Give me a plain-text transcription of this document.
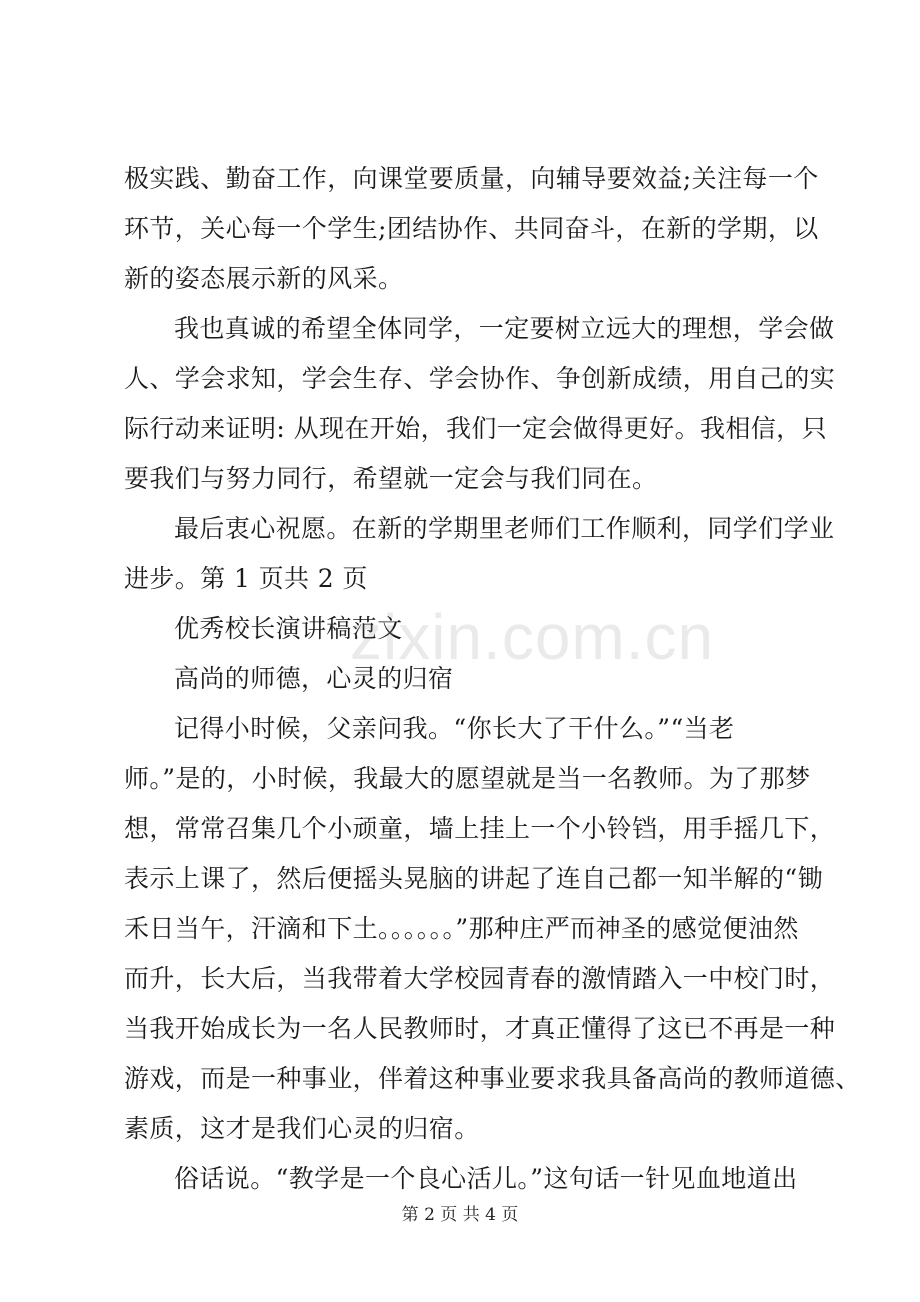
极实践、勤奋工作，向课堂要质量，向辅导要效益;关注每一个
环节，关心每一个学生;团结协作、共同奋斗，在新的学期，以
新的姿态展示新的风采。
我也真诚的希望全体同学，一定要树立远大的理想，学会做
人、学会求知，学会生存、学会协作、争创新成绩，用自己的实
际行动来证明: 从现在开始，我们一定会做得更好。我相信，只
要我们与努力同行，希望就一定会与我们同在。
最后衷心祝愿。在新的学期里老师们工作顺利，同学们学业
进步。第 1 页共 2 页
优秀校长演讲稿范文
高尚的师德，心灵的归宿
记得小时候，父亲问我。“你长大了干什么。”“当老
师。”是的，小时候，我最大的愿望就是当一名教师。为了那梦
想，常常召集几个小顽童，墙上挂上一个小铃铛，用手摇几下，
表示上课了，然后便摇头晃脑的讲起了连自己都一知半解的“锄
禾日当午，汗滴和下土。。。。。。”那种庄严而神圣的感觉便油然
而升，长大后，当我带着大学校园青春的激情踏入一中校门时，
当我开始成长为一名人民教师时，才真正懂得了这已不再是一种
游戏，而是一种事业，伴着这种事业要求我具备高尚的教师道德、
素质，这才是我们心灵的归宿。
俗话说。“教学是一个良心活儿。”这句话一针见血地道出
zixin.com.cn
第 2 页 共 4 页
